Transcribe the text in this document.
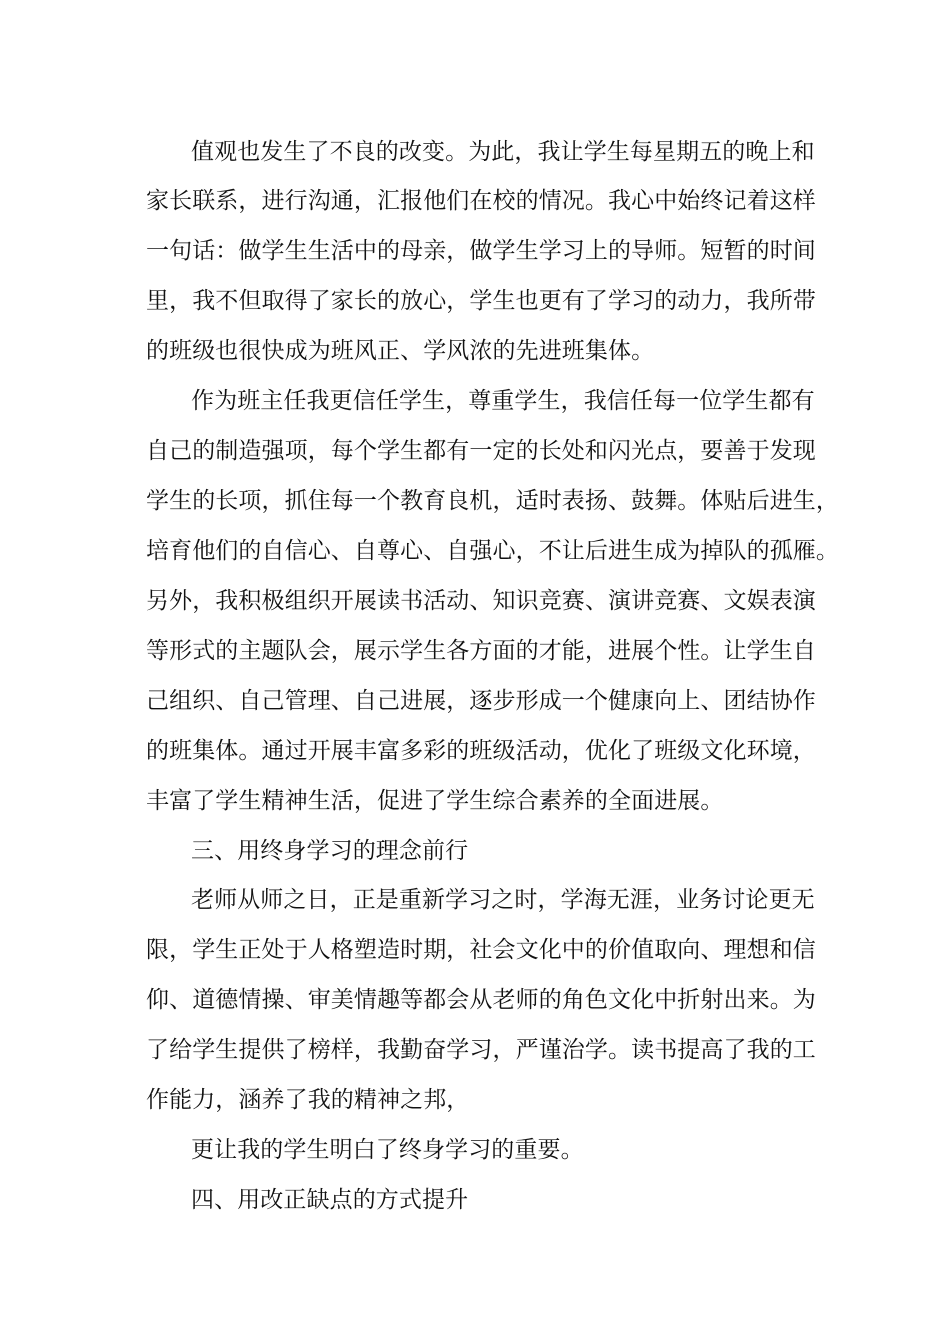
值观也发生了不良的改变。为此，我让学生每星期五的晚上和
家长联系，进行沟通，汇报他们在校的情况。我心中始终记着这样
一句话：做学生生活中的母亲，做学生学习上的导师。短暂的时间
里，我不但取得了家长的放心，学生也更有了学习的动力，我所带
的班级也很快成为班风正、学风浓的先进班集体。
作为班主任我更信任学生，尊重学生，我信任每一位学生都有
自己的制造强项，每个学生都有一定的长处和闪光点，要善于发现
学生的长项，抓住每一个教育良机，适时表扬、鼓舞。体贴后进生，
培育他们的自信心、自尊心、自强心，不让后进生成为掉队的孤雁。
另外，我积极组织开展读书活动、知识竞赛、演讲竞赛、文娱表演
等形式的主题队会，展示学生各方面的才能，进展个性。让学生自
己组织、自己管理、自己进展，逐步形成一个健康向上、团结协作
的班集体。通过开展丰富多彩的班级活动，优化了班级文化环境，
丰富了学生精神生活，促进了学生综合素养的全面进展。
三、用终身学习的理念前行
老师从师之日，正是重新学习之时，学海无涯，业务讨论更无
限，学生正处于人格塑造时期，社会文化中的价值取向、理想和信
仰、道德情操、审美情趣等都会从老师的角色文化中折射出来。为
了给学生提供了榜样，我勤奋学习，严谨治学。读书提高了我的工
作能力，涵养了我的精神之邦，
更让我的学生明白了终身学习的重要。
四、用改正缺点的方式提升
